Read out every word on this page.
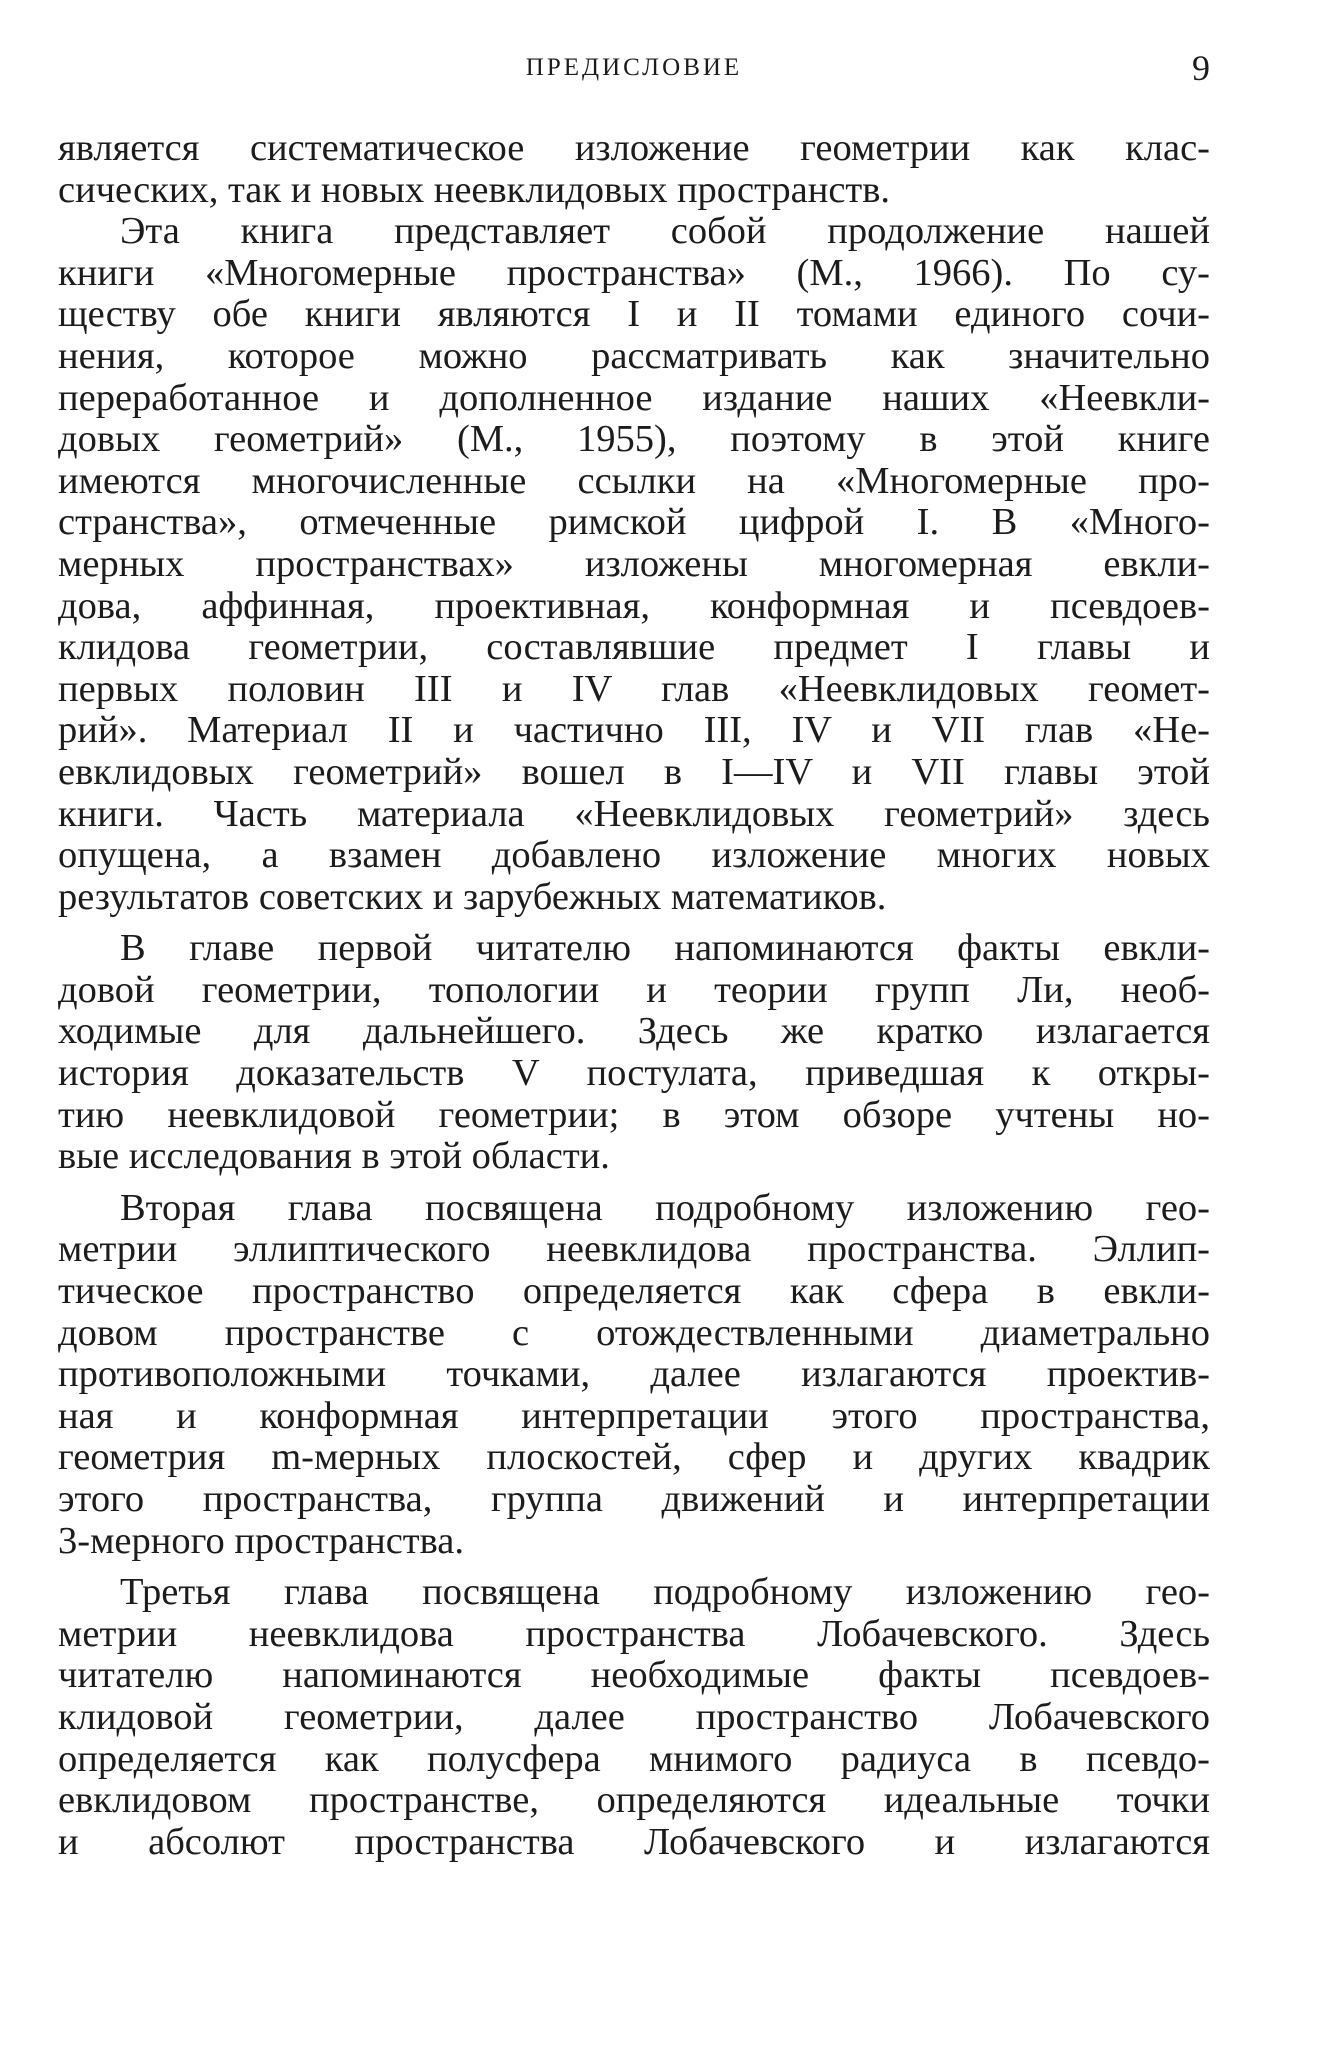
ПРЕДИСЛОВИЕ	9
является систематическое изложение геометрии как клас-
сических, так и новых неевклидовых пространств.
Эта книга представляет собой продолжение нашей
книги «Многомерные пространства» (М., 1966). По су-
ществу обе книги являются I и II томами единого сочи-
нения, которое можно рассматривать как значительно
переработанное и дополненное издание наших «Неевкли-
довых геометрий» (М., 1955), поэтому в этой книге
имеются многочисленные ссылки на «Многомерные про-
странства», отмеченные римской цифрой I. В «Много-
мерных пространствах» изложены многомерная евкли-
дова, аффинная, проективная, конформная и псевдоев-
клидова геометрии, составлявшие предмет I главы и
первых половин III и IV глав «Неевклидовых геомет-
рий». Материал II и частично III, IV и VII глав «Не-
евклидовых геометрий» вошел в I—IV и VII главы этой
книги. Часть материала «Неевклидовых геометрий» здесь
опущена, а взамен добавлено изложение многих новых
результатов советских и зарубежных математиков.
В главе первой читателю напоминаются факты евкли-
довой геометрии, топологии и теории групп Ли, необ-
ходимые для дальнейшего. Здесь же кратко излагается
история доказательств V постулата, приведшая к откры-
тию неевклидовой геометрии; в этом обзоре учтены но-
вые исследования в этой области.
Вторая глава посвящена подробному изложению гео-
метрии эллиптического неевклидова пространства. Эллип-
тическое пространство определяется как сфера в евкли-
довом пространстве с отождествленными диаметрально
противоположными точками, далее излагаются проектив-
ная и конформная интерпретации этого пространства,
геометрия m-мерных плоскостей, сфер и других квадрик
этого пространства, группа движений и интерпретации
3-мерного пространства.
Третья глава посвящена подробному изложению гео-
метрии неевклидова пространства Лобачевского. Здесь
читателю напоминаются необходимые факты псевдоев-
клидовой геометрии, далее пространство Лобачевского
определяется как полусфера мнимого радиуса в псевдо-
евклидовом пространстве, определяются идеальные точки
и абсолют пространства Лобачевского и излагаются
